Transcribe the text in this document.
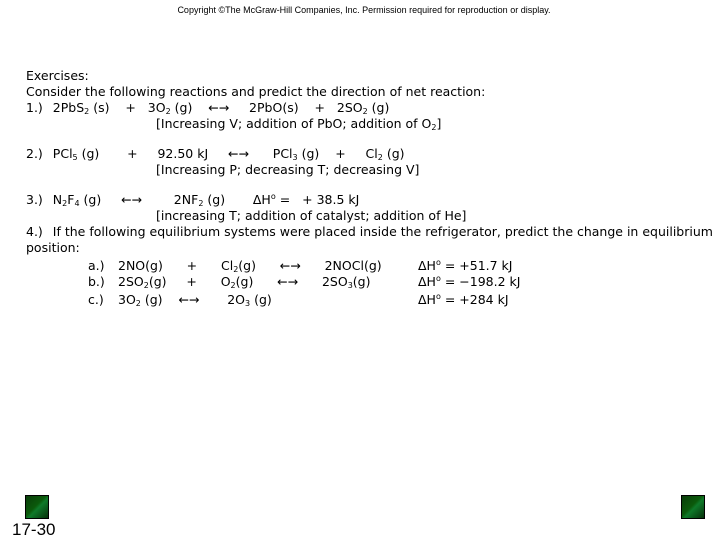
Copyright ©The McGraw-Hill Companies, Inc. Permission required for reproduction or display.
Exercises:
Consider the following reactions and predict the direction of net reaction:
1.) 2PbS$_2$ (s)    +   $3O_2$ (g)    ←→     2PbO(s)    +   $2SO_2$ (g)
[Increasing V; addition of PbO; addition of $O_2$]
2.) PCl$_5$ (g)       +     92.50 kJ     ←→      PCl$_3$ (g)    +     $Cl_2$ (g)
[Increasing P; decreasing T; decreasing V]
3.) $N_2F_4$ (g)     ←→        $2NF_2$ (g)       $\Delta H^o$ =   + 38.5 kJ
[increasing T; addition of catalyst; addition of He]
4.) If the following equilibrium systems were placed inside the refrigerator, predict the change in equilibrium
position:
a.) 2NO(g)      +      $Cl_2(g)$      ←→      2NOCl(g)	$\Delta H^o = +51.7$ kJ
b.) $2SO_2(g)$     +      $O_2(g)$      ←→      $2SO_3(g)$	$\Delta H^o = -198.2$ kJ
c.) $3O_2$ (g)    ←→       $2O_3$ (g)	$\Delta H^o = +284$ kJ
17-30
